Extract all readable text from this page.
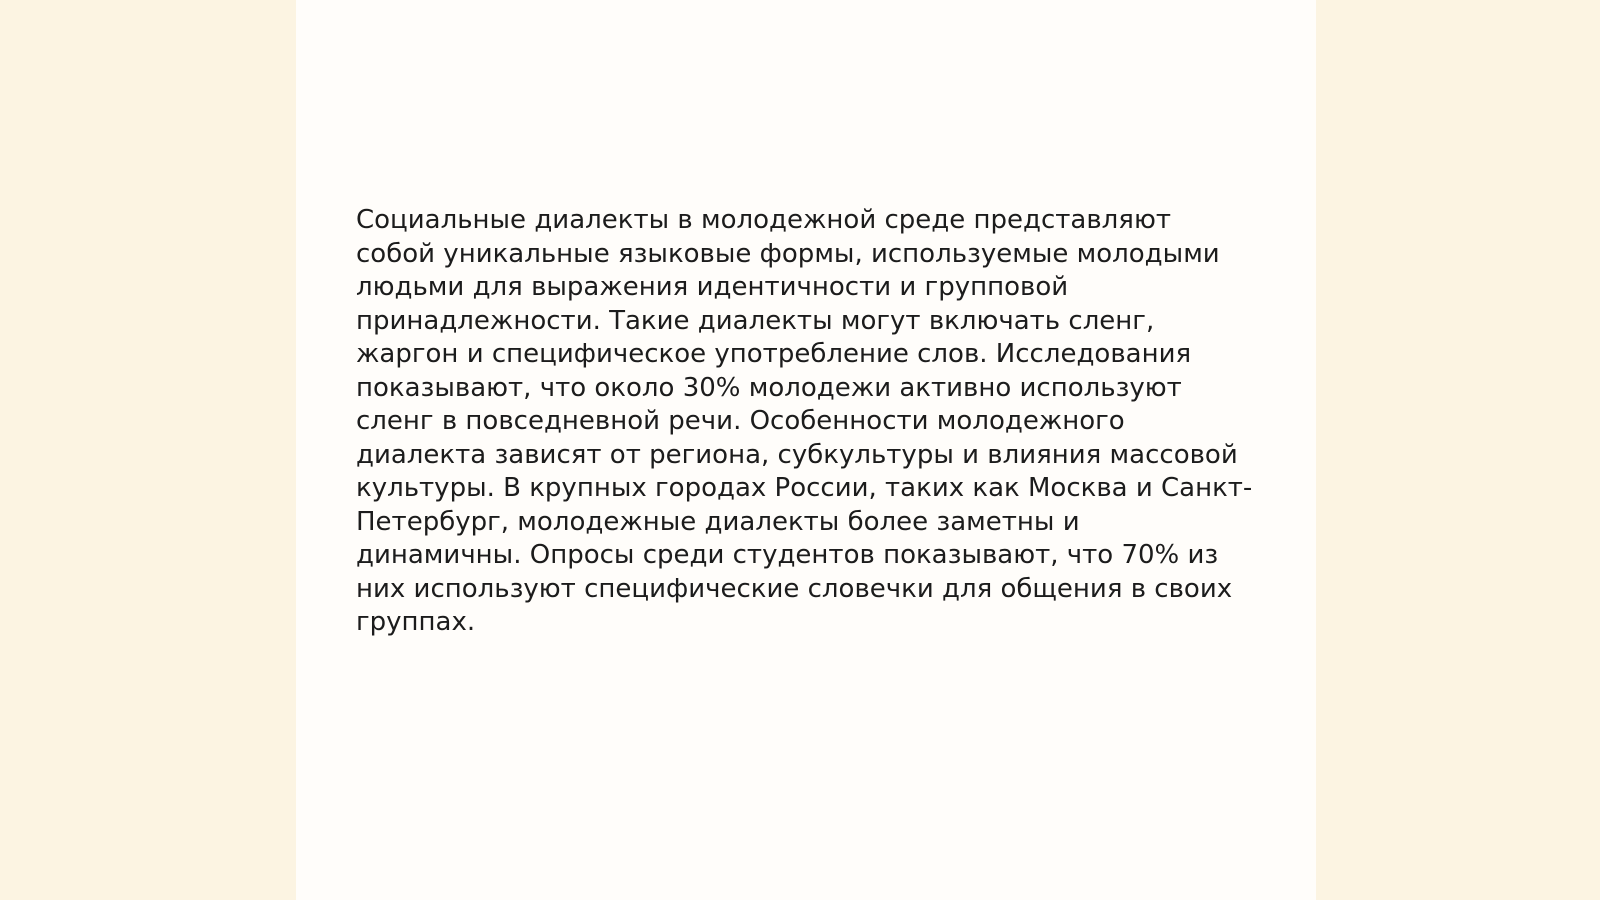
Социальные диалекты в молодежной среде представляют
собой уникальные языковые формы, используемые молодыми
людьми для выражения идентичности и групповой
принадлежности. Такие диалекты могут включать сленг,
жаргон и специфическое употребление слов. Исследования
показывают, что около 30% молодежи активно используют
сленг в повседневной речи. Особенности молодежного
диалекта зависят от региона, субкультуры и влияния массовой
культуры. В крупных городах России, таких как Москва и Санкт-
Петербург, молодежные диалекты более заметны и
динамичны. Опросы среди студентов показывают, что 70% из
них используют специфические словечки для общения в своих
группах.
